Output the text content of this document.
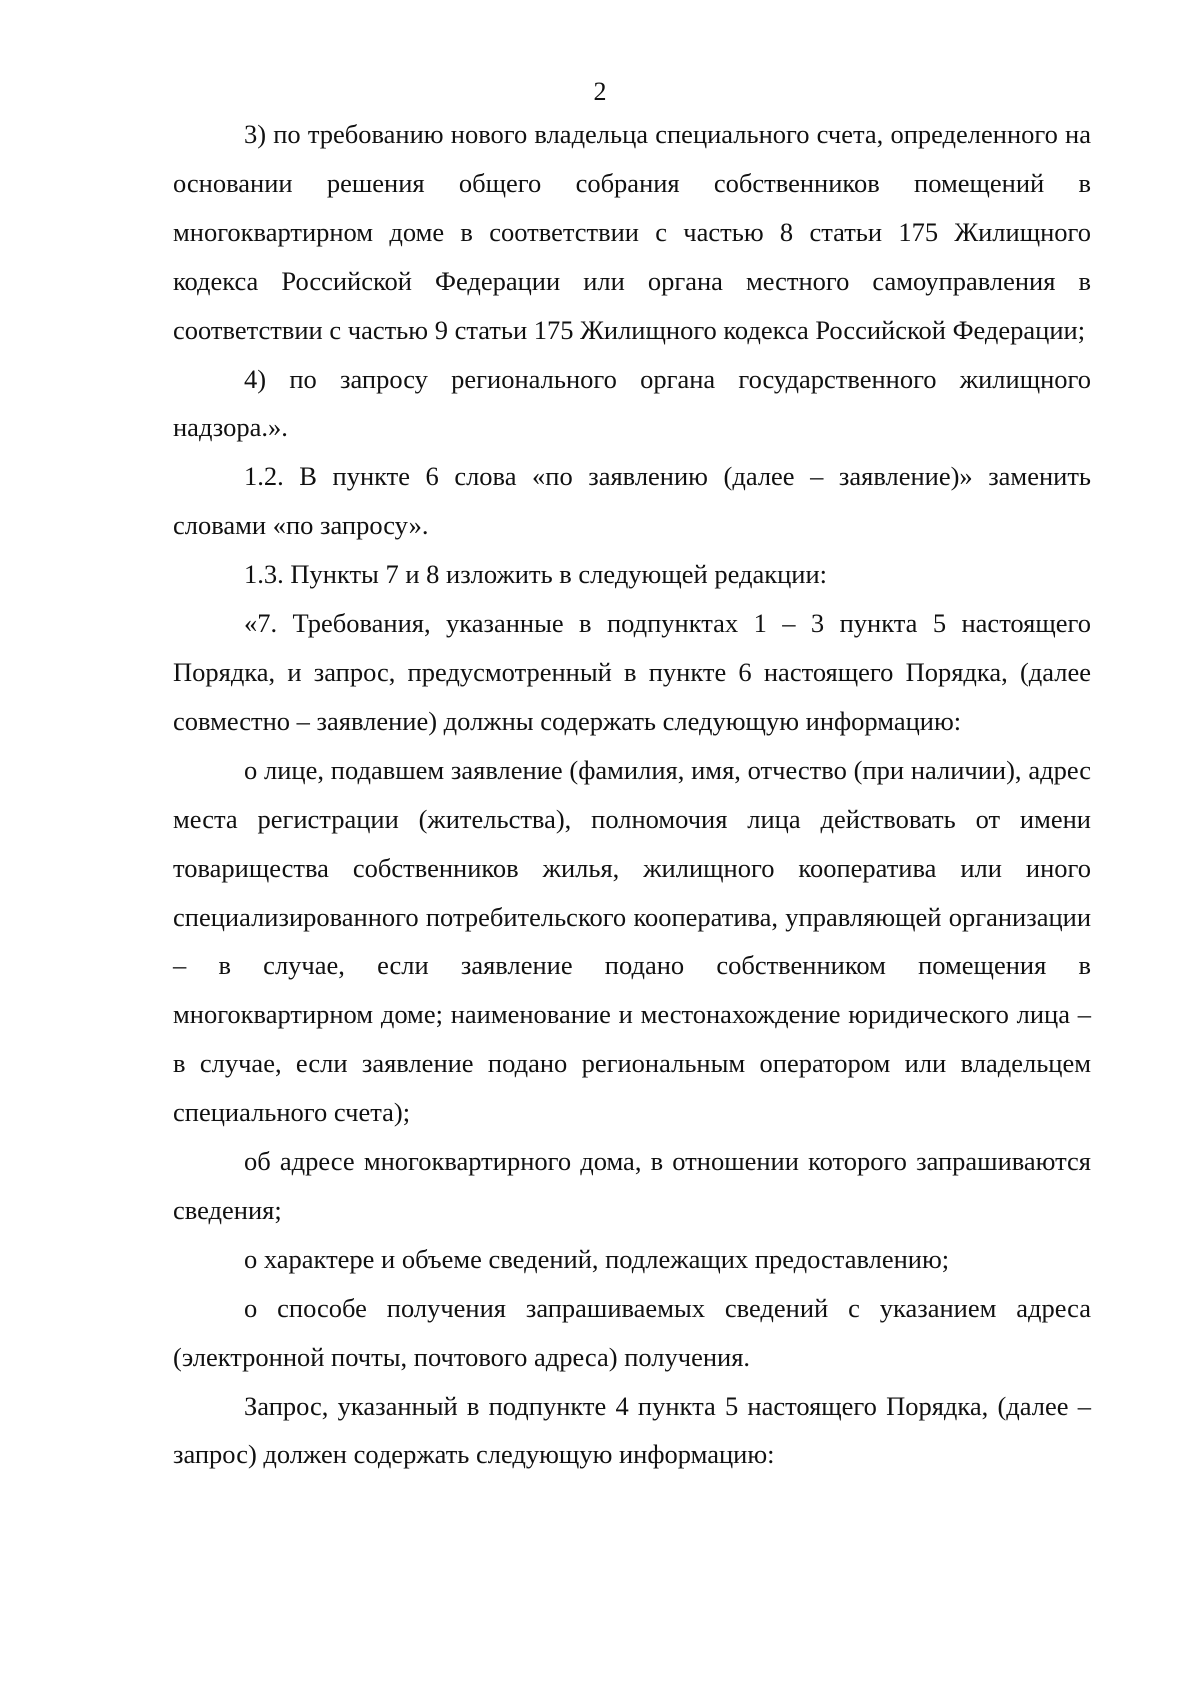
2

3) по требованию нового владельца специального счета, определенного на основании решения общего собрания собственников помещений в многоквартирном доме в соответствии с частью 8 статьи 175 Жилищного кодекса Российской Федерации или органа местного самоуправления в соответствии с частью 9 статьи 175 Жилищного кодекса Российской Федерации;

4) по запросу регионального органа государственного жилищного надзора.».

1.2. В пункте 6 слова «по заявлению (далее – заявление)» заменить словами «по запросу».

1.3. Пункты 7 и 8 изложить в следующей редакции:

«7. Требования, указанные в подпунктах 1 – 3 пункта 5 настоящего Порядка, и запрос, предусмотренный в пункте 6 настоящего Порядка, (далее совместно – заявление) должны содержать следующую информацию:

о лице, подавшем заявление (фамилия, имя, отчество (при наличии), адрес места регистрации (жительства), полномочия лица действовать от имени товарищества собственников жилья, жилищного кооператива или иного специализированного потребительского кооператива, управляющей организации – в случае, если заявление подано собственником помещения в многоквартирном доме; наименование и местонахождение юридического лица – в случае, если заявление подано региональным оператором или владельцем специального счета);

об адресе многоквартирного дома, в отношении которого запрашиваются сведения;

о характере и объеме сведений, подлежащих предоставлению;

о способе получения запрашиваемых сведений с указанием адреса (электронной почты, почтового адреса) получения.

Запрос, указанный в подпункте 4 пункта 5 настоящего Порядка, (далее – запрос) должен содержать следующую информацию:
